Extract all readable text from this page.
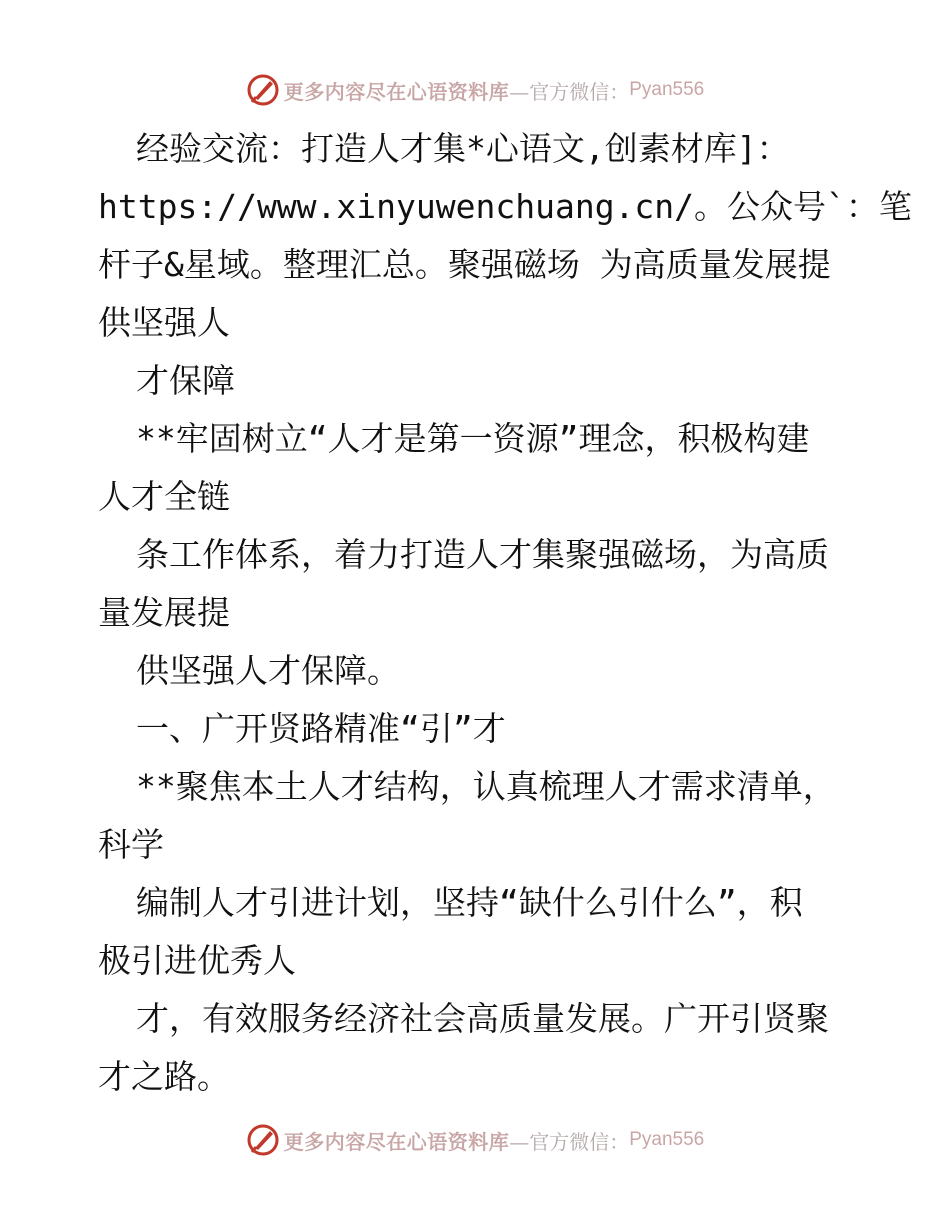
更多内容尽在心语资料库 —官方微信： Pyan556
经验交流：打造人才集*心语文,创素材库]：
https://www.xinyuwenchuang.cn/。公众号`：笔
杆子&星域。整理汇总。聚强磁场 为高质量发展提
供坚强人
才保障
**牢固树立“人才是第一资源”理念，积极构建
人才全链
条工作体系，着力打造人才集聚强磁场，为高质
量发展提
供坚强人才保障。
一、广开贤路精准“引”才
**聚焦本土人才结构，认真梳理人才需求清单，
科学
编制人才引进计划，坚持“缺什么引什么”，积
极引进优秀人
才，有效服务经济社会高质量发展。广开引贤聚
才之路。
更多内容尽在心语资料库 —官方微信： Pyan556
